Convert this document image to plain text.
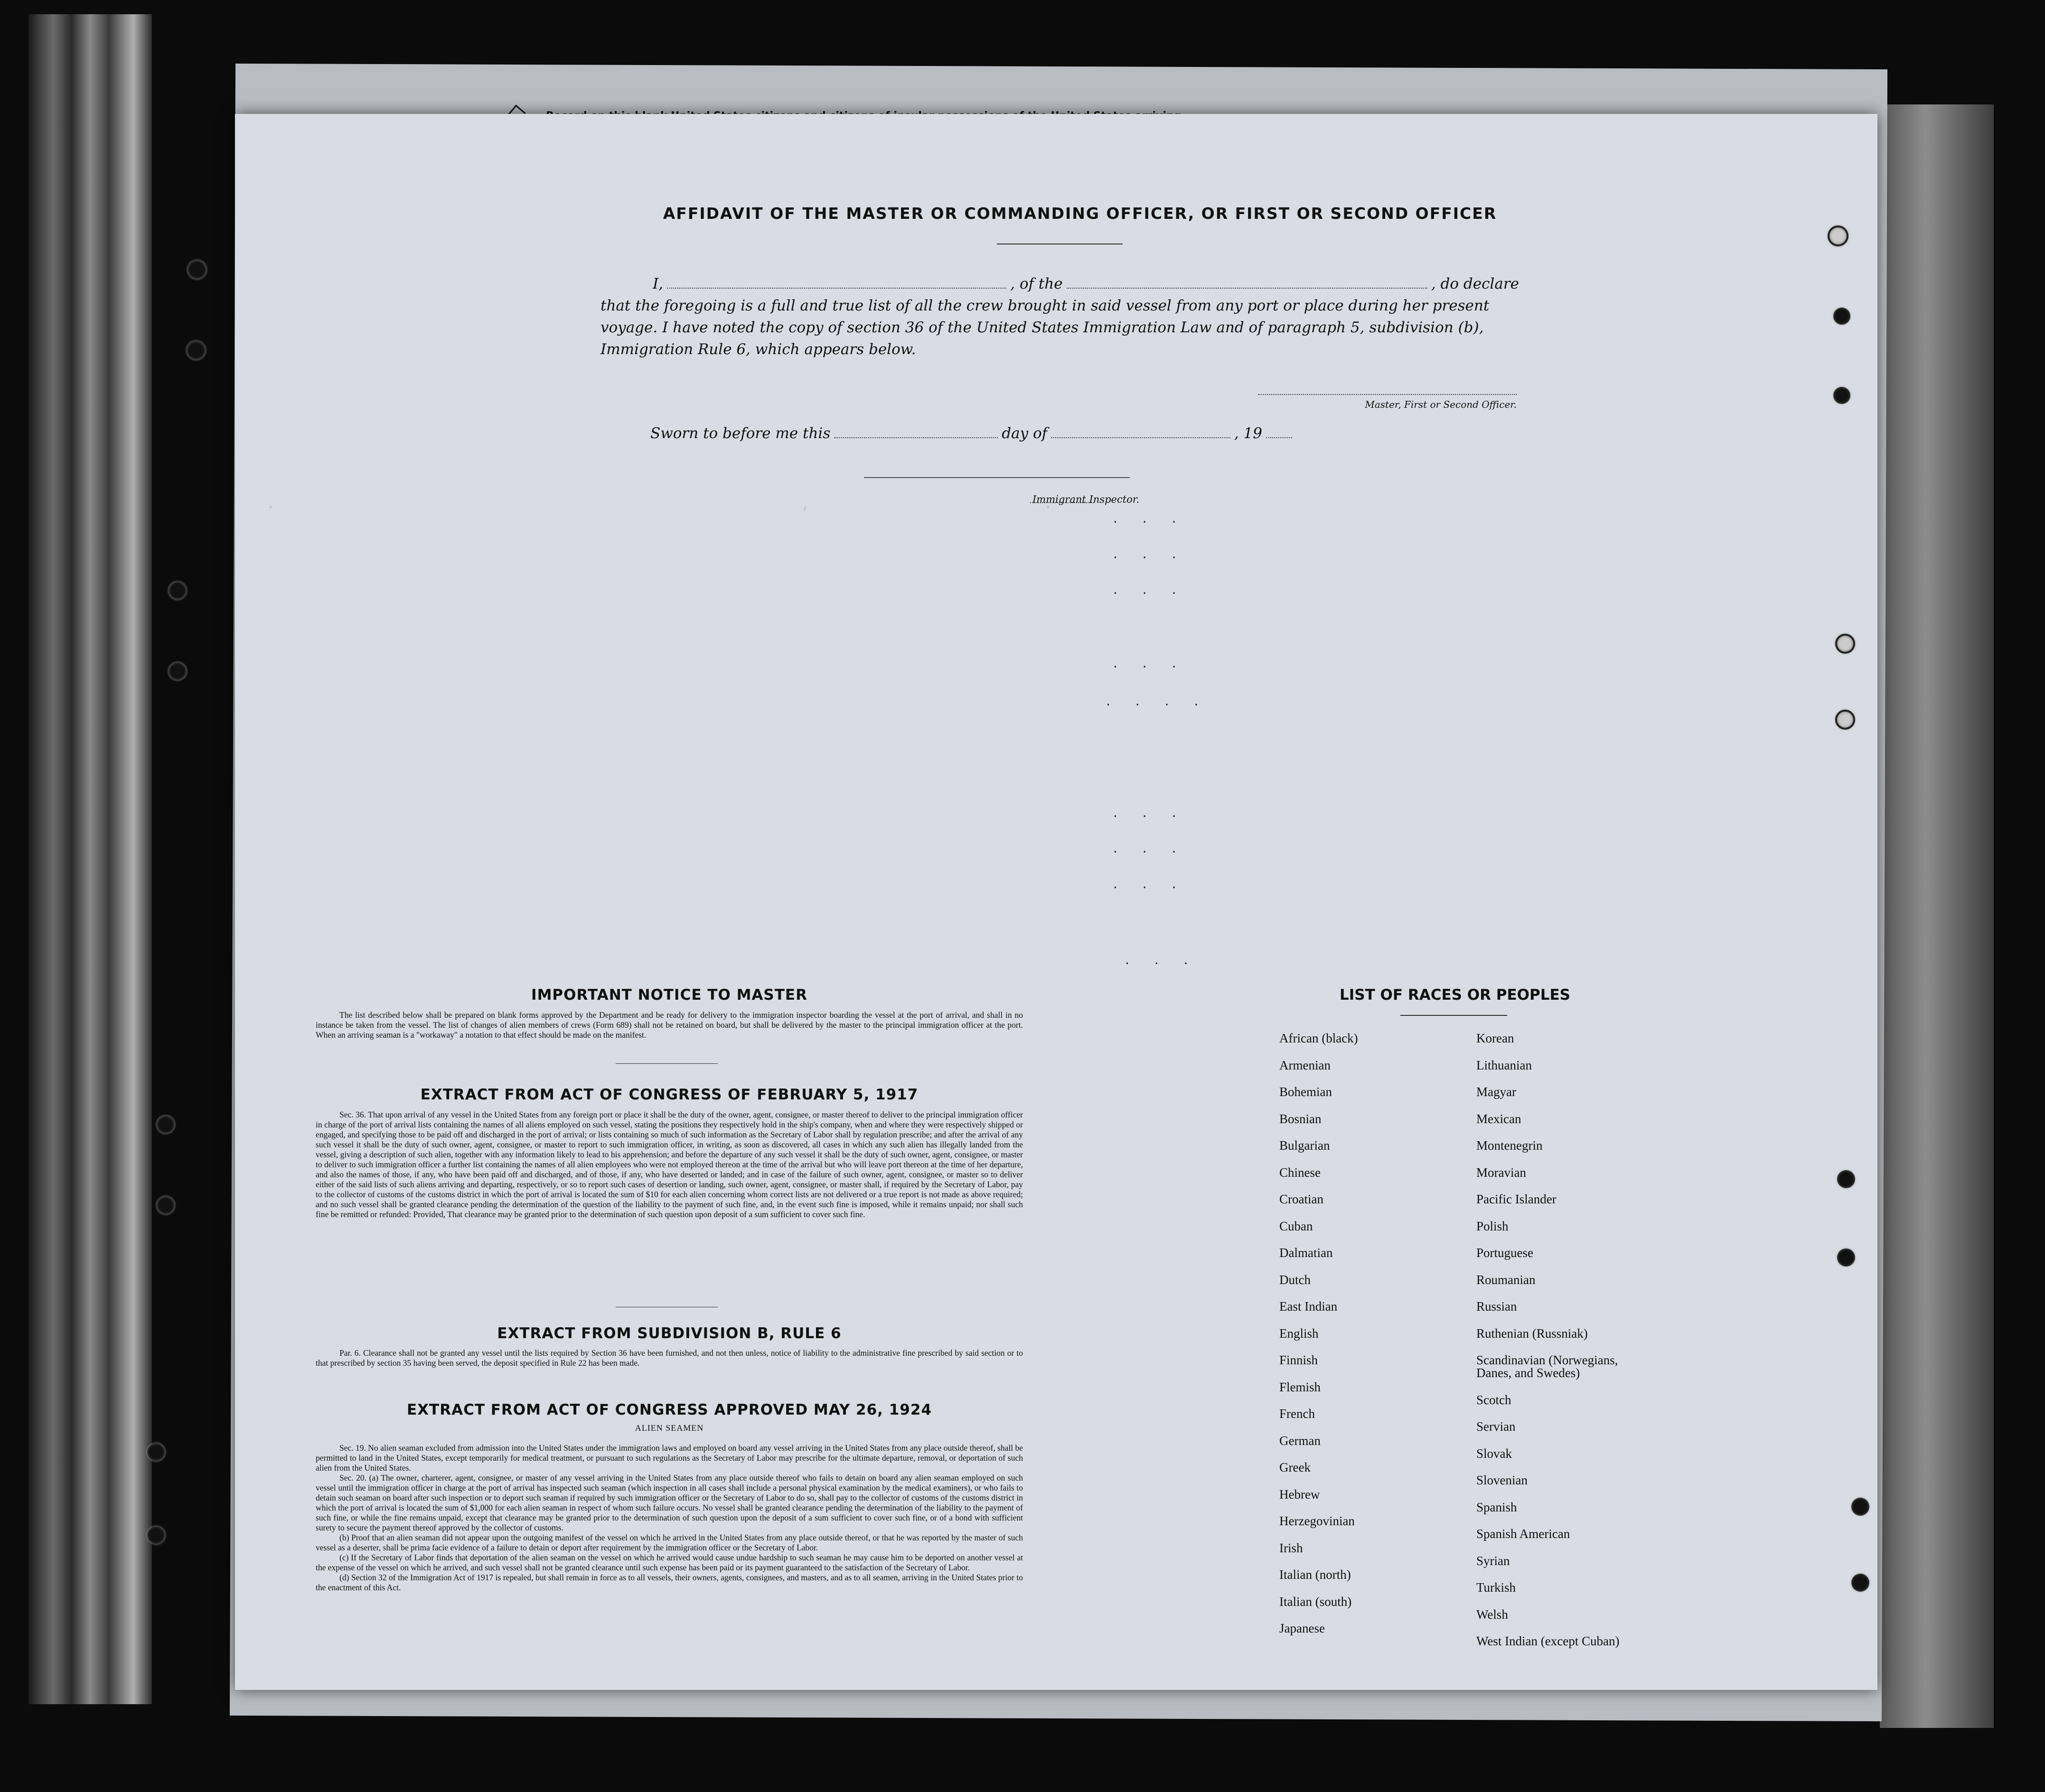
.                                                      ,                        .

. . .
. . .
. . .
. . .
. . . .
. . .
. . .
. . .
. . .
AFFIDAVIT OF THE MASTER OR COMMANDING OFFICER, OR FIRST OR SECOND OFFICER
I,	, of the	, do declare
that the foregoing is a full and true list of all the crew brought in said vessel from any port or place during her present
voyage. I have noted the copy of section 36 of the United States Immigration Law and of paragraph 5, subdivision (b),
Immigration Rule 6, which appears below.
Master, First or Second Officer.
Sworn to before me this	day of	, 19
Immigrant Inspector.
IMPORTANT NOTICE TO MASTER

The list described below shall be prepared on blank forms approved by the Department and be ready for delivery to the immigration inspector boarding the vessel at the port of arrival, and shall in no instance be taken from the vessel. The list of changes of alien members of crews (Form 689) shall not be retained on board, but shall be delivered by the master to the principal immigration officer at the port. When an arriving seaman is a "workaway" a notation to that effect should be made on the manifest.

EXTRACT FROM ACT OF CONGRESS OF FEBRUARY 5, 1917

Sec. 36. That upon arrival of any vessel in the United States from any foreign port or place it shall be the duty of the owner, agent, consignee, or master thereof to deliver to the principal immigration officer in charge of the port of arrival lists containing the names of all aliens employed on such vessel, stating the positions they respectively hold in the ship's company, when and where they were respectively shipped or engaged, and specifying those to be paid off and discharged in the port of arrival; or lists containing so much of such information as the Secretary of Labor shall by regulation prescribe; and after the arrival of any such vessel it shall be the duty of such owner, agent, consignee, or master to report to such immigration officer, in writing, as soon as discovered, all cases in which any such alien has illegally landed from the vessel, giving a description of such alien, together with any information likely to lead to his apprehension; and before the departure of any such vessel it shall be the duty of such owner, agent, consignee, or master to deliver to such immigration officer a further list containing the names of all alien employees who were not employed thereon at the time of the arrival but who will leave port thereon at the time of her departure, and also the names of those, if any, who have been paid off and discharged, and of those, if any, who have deserted or landed; and in case of the failure of such owner, agent, consignee, or master so to deliver either of the said lists of such aliens arriving and departing, respectively, or so to report such cases of desertion or landing, such owner, agent, consignee, or master shall, if required by the Secretary of Labor, pay to the collector of customs of the customs district in which the port of arrival is located the sum of $10 for each alien concerning whom correct lists are not delivered or a true report is not made as above required; and no such vessel shall be granted clearance pending the determination of the question of the liability to the payment of such fine, and, in the event such fine is imposed, while it remains unpaid; nor shall such fine be remitted or refunded: Provided, That clearance may be granted prior to the determination of such question upon deposit of a sum sufficient to cover such fine.

EXTRACT FROM SUBDIVISION B, RULE 6

Par. 6. Clearance shall not be granted any vessel until the lists required by Section 36 have been furnished, and not then unless, notice of liability to the administrative fine prescribed by said section or to that prescribed by section 35 having been served, the deposit specified in Rule 22 has been made.

EXTRACT FROM ACT OF CONGRESS APPROVED MAY 26, 1924
ALIEN SEAMEN

Sec. 19. No alien seaman excluded from admission into the United States under the immigration laws and employed on board any vessel arriving in the United States from any place outside thereof, shall be permitted to land in the United States, except temporarily for medical treatment, or pursuant to such regulations as the Secretary of Labor may prescribe for the ultimate departure, removal, or deportation of such alien from the United States.

Sec. 20. (a) The owner, charterer, agent, consignee, or master of any vessel arriving in the United States from any place outside thereof who fails to detain on board any alien seaman employed on such vessel until the immigration officer in charge at the port of arrival has inspected such seaman (which inspection in all cases shall include a personal physical examination by the medical examiners), or who fails to detain such seaman on board after such inspection or to deport such seaman if required by such immigration officer or the Secretary of Labor to do so, shall pay to the collector of customs of the customs district in which the port of arrival is located the sum of $1,000 for each alien seaman in respect of whom such failure occurs. No vessel shall be granted clearance pending the determination of the liability to the payment of such fine, or while the fine remains unpaid, except that clearance may be granted prior to the determination of such question upon the deposit of a sum sufficient to cover such fine, or of a bond with sufficient surety to secure the payment thereof approved by the collector of customs.

(b) Proof that an alien seaman did not appear upon the outgoing manifest of the vessel on which he arrived in the United States from any place outside thereof, or that he was reported by the master of such vessel as a deserter, shall be prima facie evidence of a failure to detain or deport after requirement by the immigration officer or the Secretary of Labor.

(c) If the Secretary of Labor finds that deportation of the alien seaman on the vessel on which he arrived would cause undue hardship to such seaman he may cause him to be deported on another vessel at the expense of the vessel on which he arrived, and such vessel shall not be granted clearance until such expense has been paid or its payment guaranteed to the satisfaction of the Secretary of Labor.

(d) Section 32 of the Immigration Act of 1917 is repealed, but shall remain in force as to all vessels, their owners, agents, consignees, and masters, and as to all seamen, arriving in the United States prior to the enactment of this Act.

LIST OF RACES OR PEOPLES
African (black)
Armenian
Bohemian
Bosnian
Bulgarian
Chinese
Croatian
Cuban
Dalmatian
Dutch
East Indian
English
Finnish
Flemish
French
German
Greek
Hebrew
Herzegovinian
Irish
Italian (north)
Italian (south)
Japanese
Korean
Lithuanian
Magyar
Mexican
Montenegrin
Moravian
Pacific Islander
Polish
Portuguese
Roumanian
Russian
Ruthenian (Russniak)
Scandinavian (Norwegians,
Danes, and Swedes)
Scotch
Servian
Slovak
Slovenian
Spanish
Spanish American
Syrian
Turkish
Welsh
West Indian (except Cuban)
